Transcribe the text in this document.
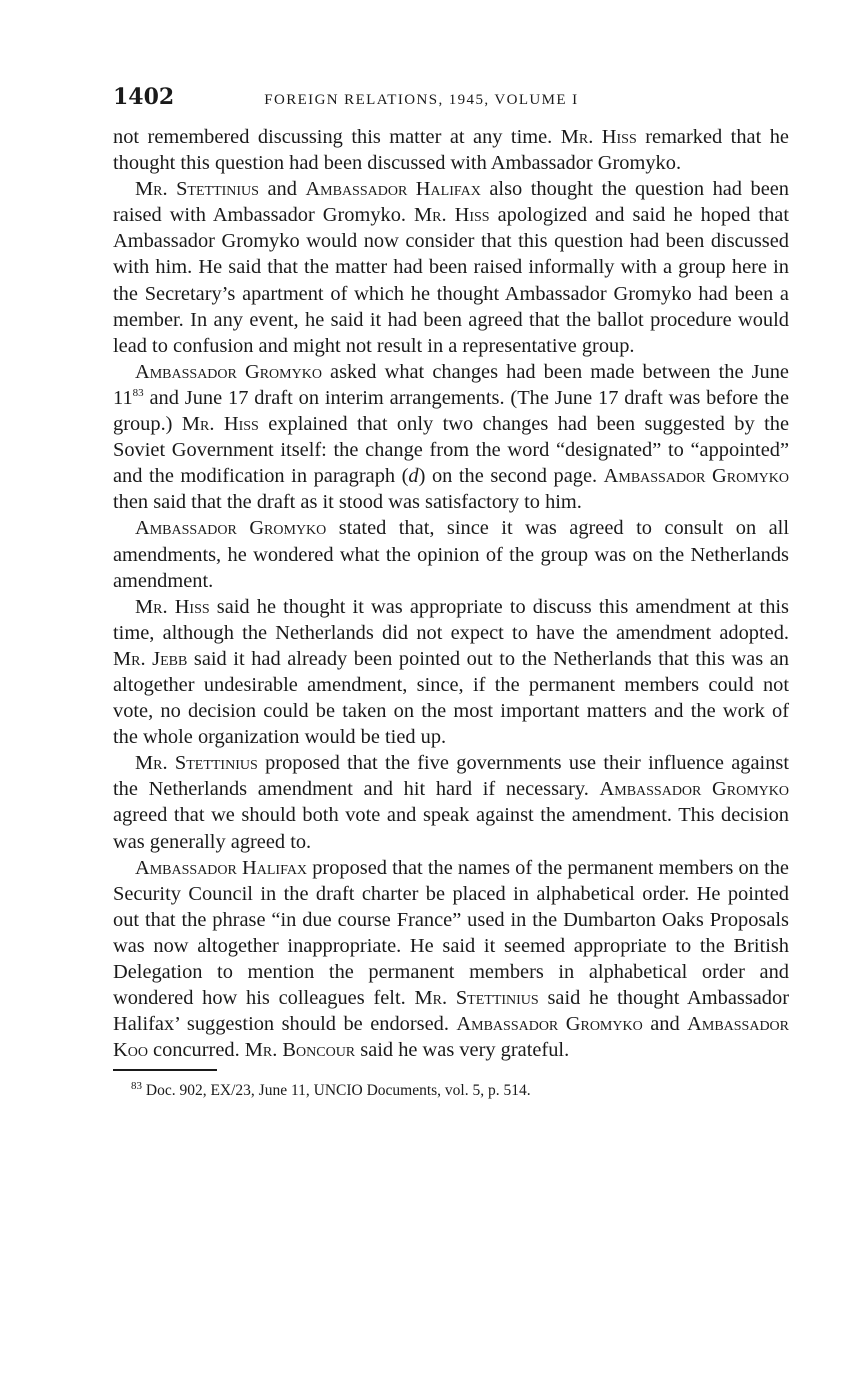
1402	FOREIGN RELATIONS, 1945, VOLUME I

not remembered discussing this matter at any time. Mr. Hiss remarked that he thought this question had been discussed with Ambassador Gromyko.

Mr. Stettinius and Ambassador Halifax also thought the question had been raised with Ambassador Gromyko. Mr. Hiss apologized and said he hoped that Ambassador Gromyko would now consider that this question had been discussed with him. He said that the matter had been raised informally with a group here in the Secretary’s apartment of which he thought Ambassador Gromyko had been a member. In any event, he said it had been agreed that the ballot procedure would lead to confusion and might not result in a representative group.

Ambassador Gromyko asked what changes had been made between the June $11^{83}$ and June 17 draft on interim arrangements. (The June 17 draft was before the group.) Mr. Hiss explained that only two changes had been suggested by the Soviet Government itself: the change from the word “designated” to “appointed” and the modification in paragraph (d) on the second page. Ambassador Gromyko then said that the draft as it stood was satisfactory to him.

Ambassador Gromyko stated that, since it was agreed to consult on all amendments, he wondered what the opinion of the group was on the Netherlands amendment.

Mr. Hiss said he thought it was appropriate to discuss this amendment at this time, although the Netherlands did not expect to have the amendment adopted. Mr. Jebb said it had already been pointed out to the Netherlands that this was an altogether undesirable amendment, since, if the permanent members could not vote, no decision could be taken on the most important matters and the work of the whole organization would be tied up.

Mr. Stettinius proposed that the five governments use their influence against the Netherlands amendment and hit hard if necessary. Ambassador Gromyko agreed that we should both vote and speak against the amendment. This decision was generally agreed to.

Ambassador Halifax proposed that the names of the permanent members on the Security Council in the draft charter be placed in alphabetical order. He pointed out that the phrase “in due course France” used in the Dumbarton Oaks Proposals was now altogether inappropriate. He said it seemed appropriate to the British Delegation to mention the permanent members in alphabetical order and wondered how his colleagues felt. Mr. Stettinius said he thought Ambassador Halifax’ suggestion should be endorsed. Ambassador Gromyko and Ambassador Koo concurred. Mr. Boncour said he was very grateful.

$^{83}$ Doc. 902, EX/23, June 11, UNCIO Documents, vol. 5, p. 514.
